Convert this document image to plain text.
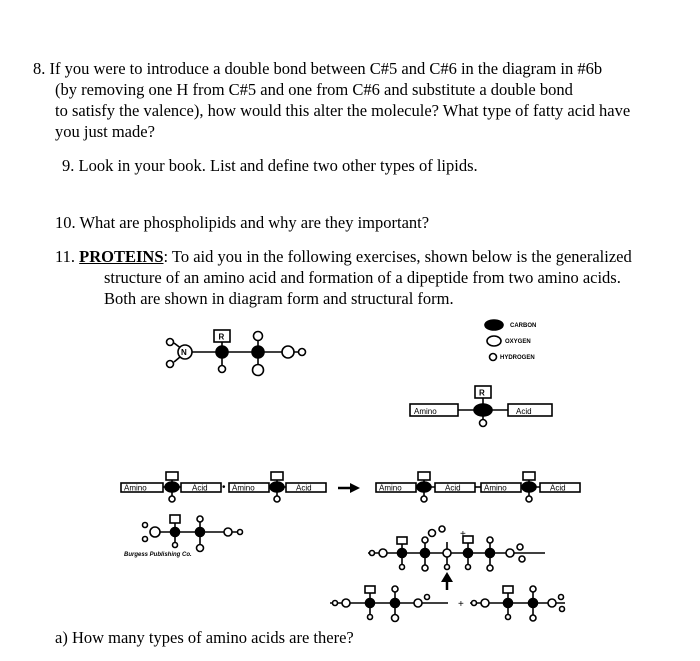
8. If you were to introduce a double bond between C#5 and C#6 in the diagram in #6b
(by removing one H from C#5 and one from C#6 and substitute a double bond
to satisfy the valence), how would this alter the molecule? What type of fatty acid have
you just made?
9. Look in your book. List and define two other types of lipids.
10. What are phospholipids and why are they important?
11. PROTEINS: To aid you in the following exercises, shown below is the generalized
structure of an amino acid and formation of a dipeptide from two amino acids.
Both are shown in diagram form and structural form.
•
+
+
CARBON
OXYGEN
HYDROGEN
R
N
R
Amino	Acid
Amino	Acid	Amino	Acid	Amino	Acid	Amino	Acid
Burgess Publishing Co.
a) How many types of amino acids are there?
